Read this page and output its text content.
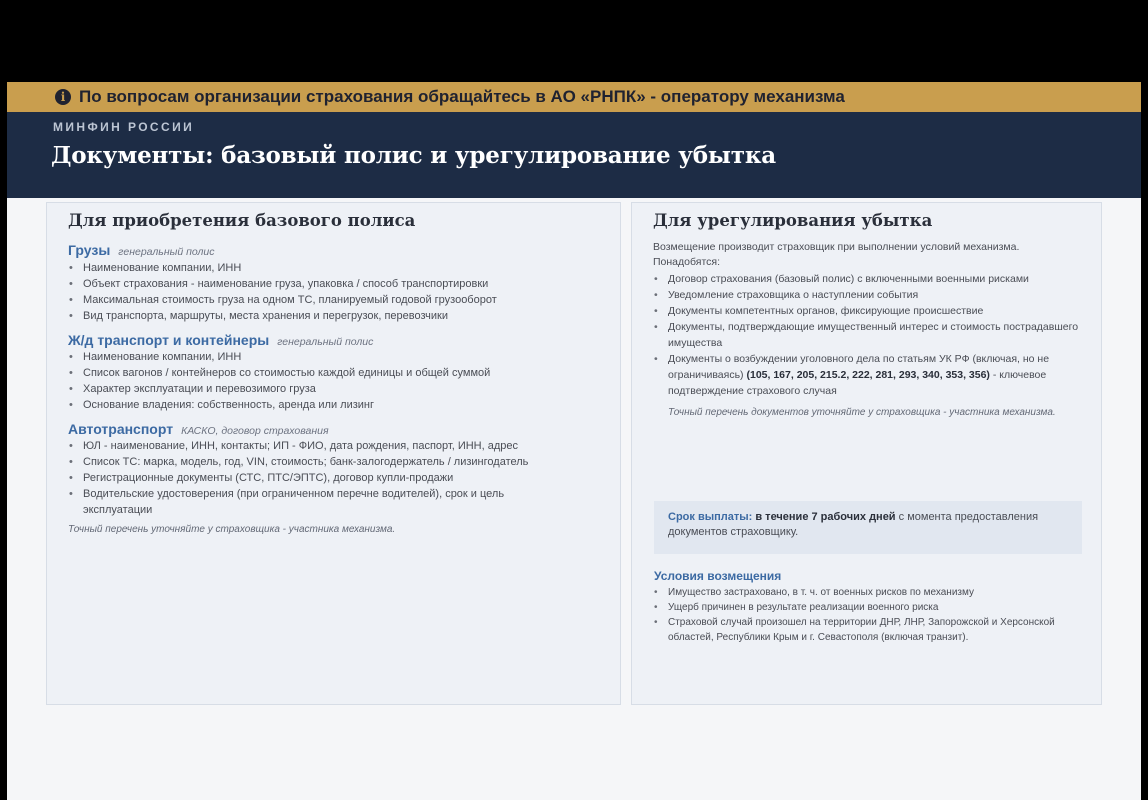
i По вопросам организации страхования обращайтесь в АО «РНПК» - оператору механизма
МИНФИН РОССИИ
Документы: базовый полис и урегулирование убытка
Для приобретения базового полиса
Грузы генеральный полис
• Наименование компании, ИНН
• Объект страхования - наименование груза, упаковка / способ транспортировки
• Максимальная стоимость груза на одном ТС, планируемый годовой грузооборот
• Вид транспорта, маршруты, места хранения и перегрузок, перевозчики
Ж/д транспорт и контейнеры генеральный полис
• Наименование компании, ИНН
• Список вагонов / контейнеров со стоимостью каждой единицы и общей суммой
• Характер эксплуатации и перевозимого груза
• Основание владения: собственность, аренда или лизинг
Автотранспорт КАСКО, договор страхования
• ЮЛ - наименование, ИНН, контакты; ИП - ФИО, дата рождения, паспорт, ИНН, адрес
• Список ТС: марка, модель, год, VIN, стоимость; банк-залогодержатель / лизингодатель
• Регистрационные документы (СТС, ПТС/ЭПТС), договор купли-продажи
• Водительские удостоверения (при ограниченном перечне водителей), срок и цель эксплуатации
Точный перечень уточняйте у страховщика - участника механизма.
Для урегулирования убытка
Возмещение производит страховщик при выполнении условий механизма. Понадобятся:
• Договор страхования (базовый полис) с включенными военными рисками
• Уведомление страховщика о наступлении события
• Документы компетентных органов, фиксирующие происшествие
• Документы, подтверждающие имущественный интерес и стоимость пострадавшего имущества
• Документы о возбуждении уголовного дела по статьям УК РФ (включая, но не ограничиваясь) (105, 167, 205, 215.2, 222, 281, 293, 340, 353, 356) - ключевое подтверждение страхового случая
Точный перечень документов уточняйте у страховщика - участника механизма.
Срок выплаты: в течение 7 рабочих дней с момента предоставления документов страховщику.
Условия возмещения
• Имущество застраховано, в т. ч. от военных рисков по механизму
• Ущерб причинен в результате реализации военного риска
• Страховой случай произошел на территории ДНР, ЛНР, Запорожской и Херсонской областей, Республики Крым и г. Севастополя (включая транзит).
